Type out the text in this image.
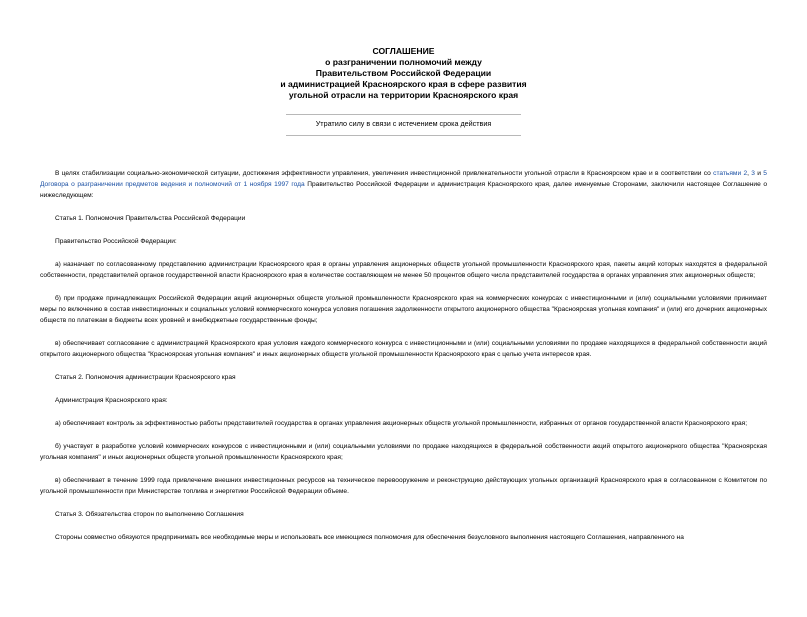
СОГЛАШЕНИЕ
о разграничении полномочий между
Правительством Российской Федерации
и администрацией Красноярского края в сфере развития
угольной отрасли на территории Красноярского края
Утратило силу в связи с истечением срока действия

В целях стабилизации социально-экономической ситуации, достижения эффективности управления, увеличения инвестиционной привлекательности угольной отрасли в Красноярском крае и в соответствии со статьями 2, 3 и 5 Договора о разграничении предметов ведения и полномочий от 1 ноября 1997 года Правительство Российской Федерации и администрация Красноярского края, далее именуемые Сторонами, заключили настоящее Соглашение о нижеследующем:

Статья 1. Полномочия Правительства Российской Федерации

Правительство Российской Федерации:

а) назначает по согласованному представлению администрации Красноярского края в органы управления акционерных обществ угольной промышленности Красноярского края, пакеты акций которых находятся в федеральной собственности, представителей органов государственной власти Красноярского края в количестве составляющем не менее 50 процентов общего числа представителей государства в органах управления этих акционерных обществ;

б) при продаже принадлежащих Российской Федерации акций акционерных обществ угольной промышленности Красноярского края на коммерческих конкурсах с инвестиционными и (или) социальными условиями принимает меры по включению в состав инвестиционных и социальных условий коммерческого конкурса условия погашения задолженности открытого акционерного общества "Красноярская угольная компания" и (или) его дочерних акционерных обществ по платежам в бюджеты всех уровней и внебюджетные государственные фонды;

в) обеспечивает согласование с администрацией Красноярского края условия каждого коммерческого конкурса с инвестиционными и (или) социальными условиями по продаже находящихся в федеральной собственности акций открытого акционерного общества "Красноярская угольная компания" и иных акционерных обществ угольной промышленности Красноярского края с целью учета интересов края.

Статья 2. Полномочия администрации Красноярского края

Администрация Красноярского края:

а) обеспечивает контроль за эффективностью работы представителей государства в органах управления акционерных обществ угольной промышленности, избранных от органов государственной власти Красноярского края;

б) участвует в разработке условий коммерческих конкурсов с инвестиционными и (или) социальными условиями по продаже находящихся в федеральной собственности акций открытого акционерного общества "Красноярская угольная компания" и иных акционерных обществ угольной промышленности Красноярского края;

в) обеспечивает в течение 1999 года привлечение внешних инвестиционных ресурсов на техническое перевооружение и реконструкцию действующих угольных организаций Красноярского края в согласованном с Комитетом по угольной промышленности при Министерстве топлива и энергетики Российской Федерации объеме.

Статья 3. Обязательства сторон по выполнению Соглашения

Стороны совместно обязуются предпринимать все необходимые меры и использовать все имеющиеся полномочия для обеспечения безусловного выполнения настоящего Соглашения, направленного на
